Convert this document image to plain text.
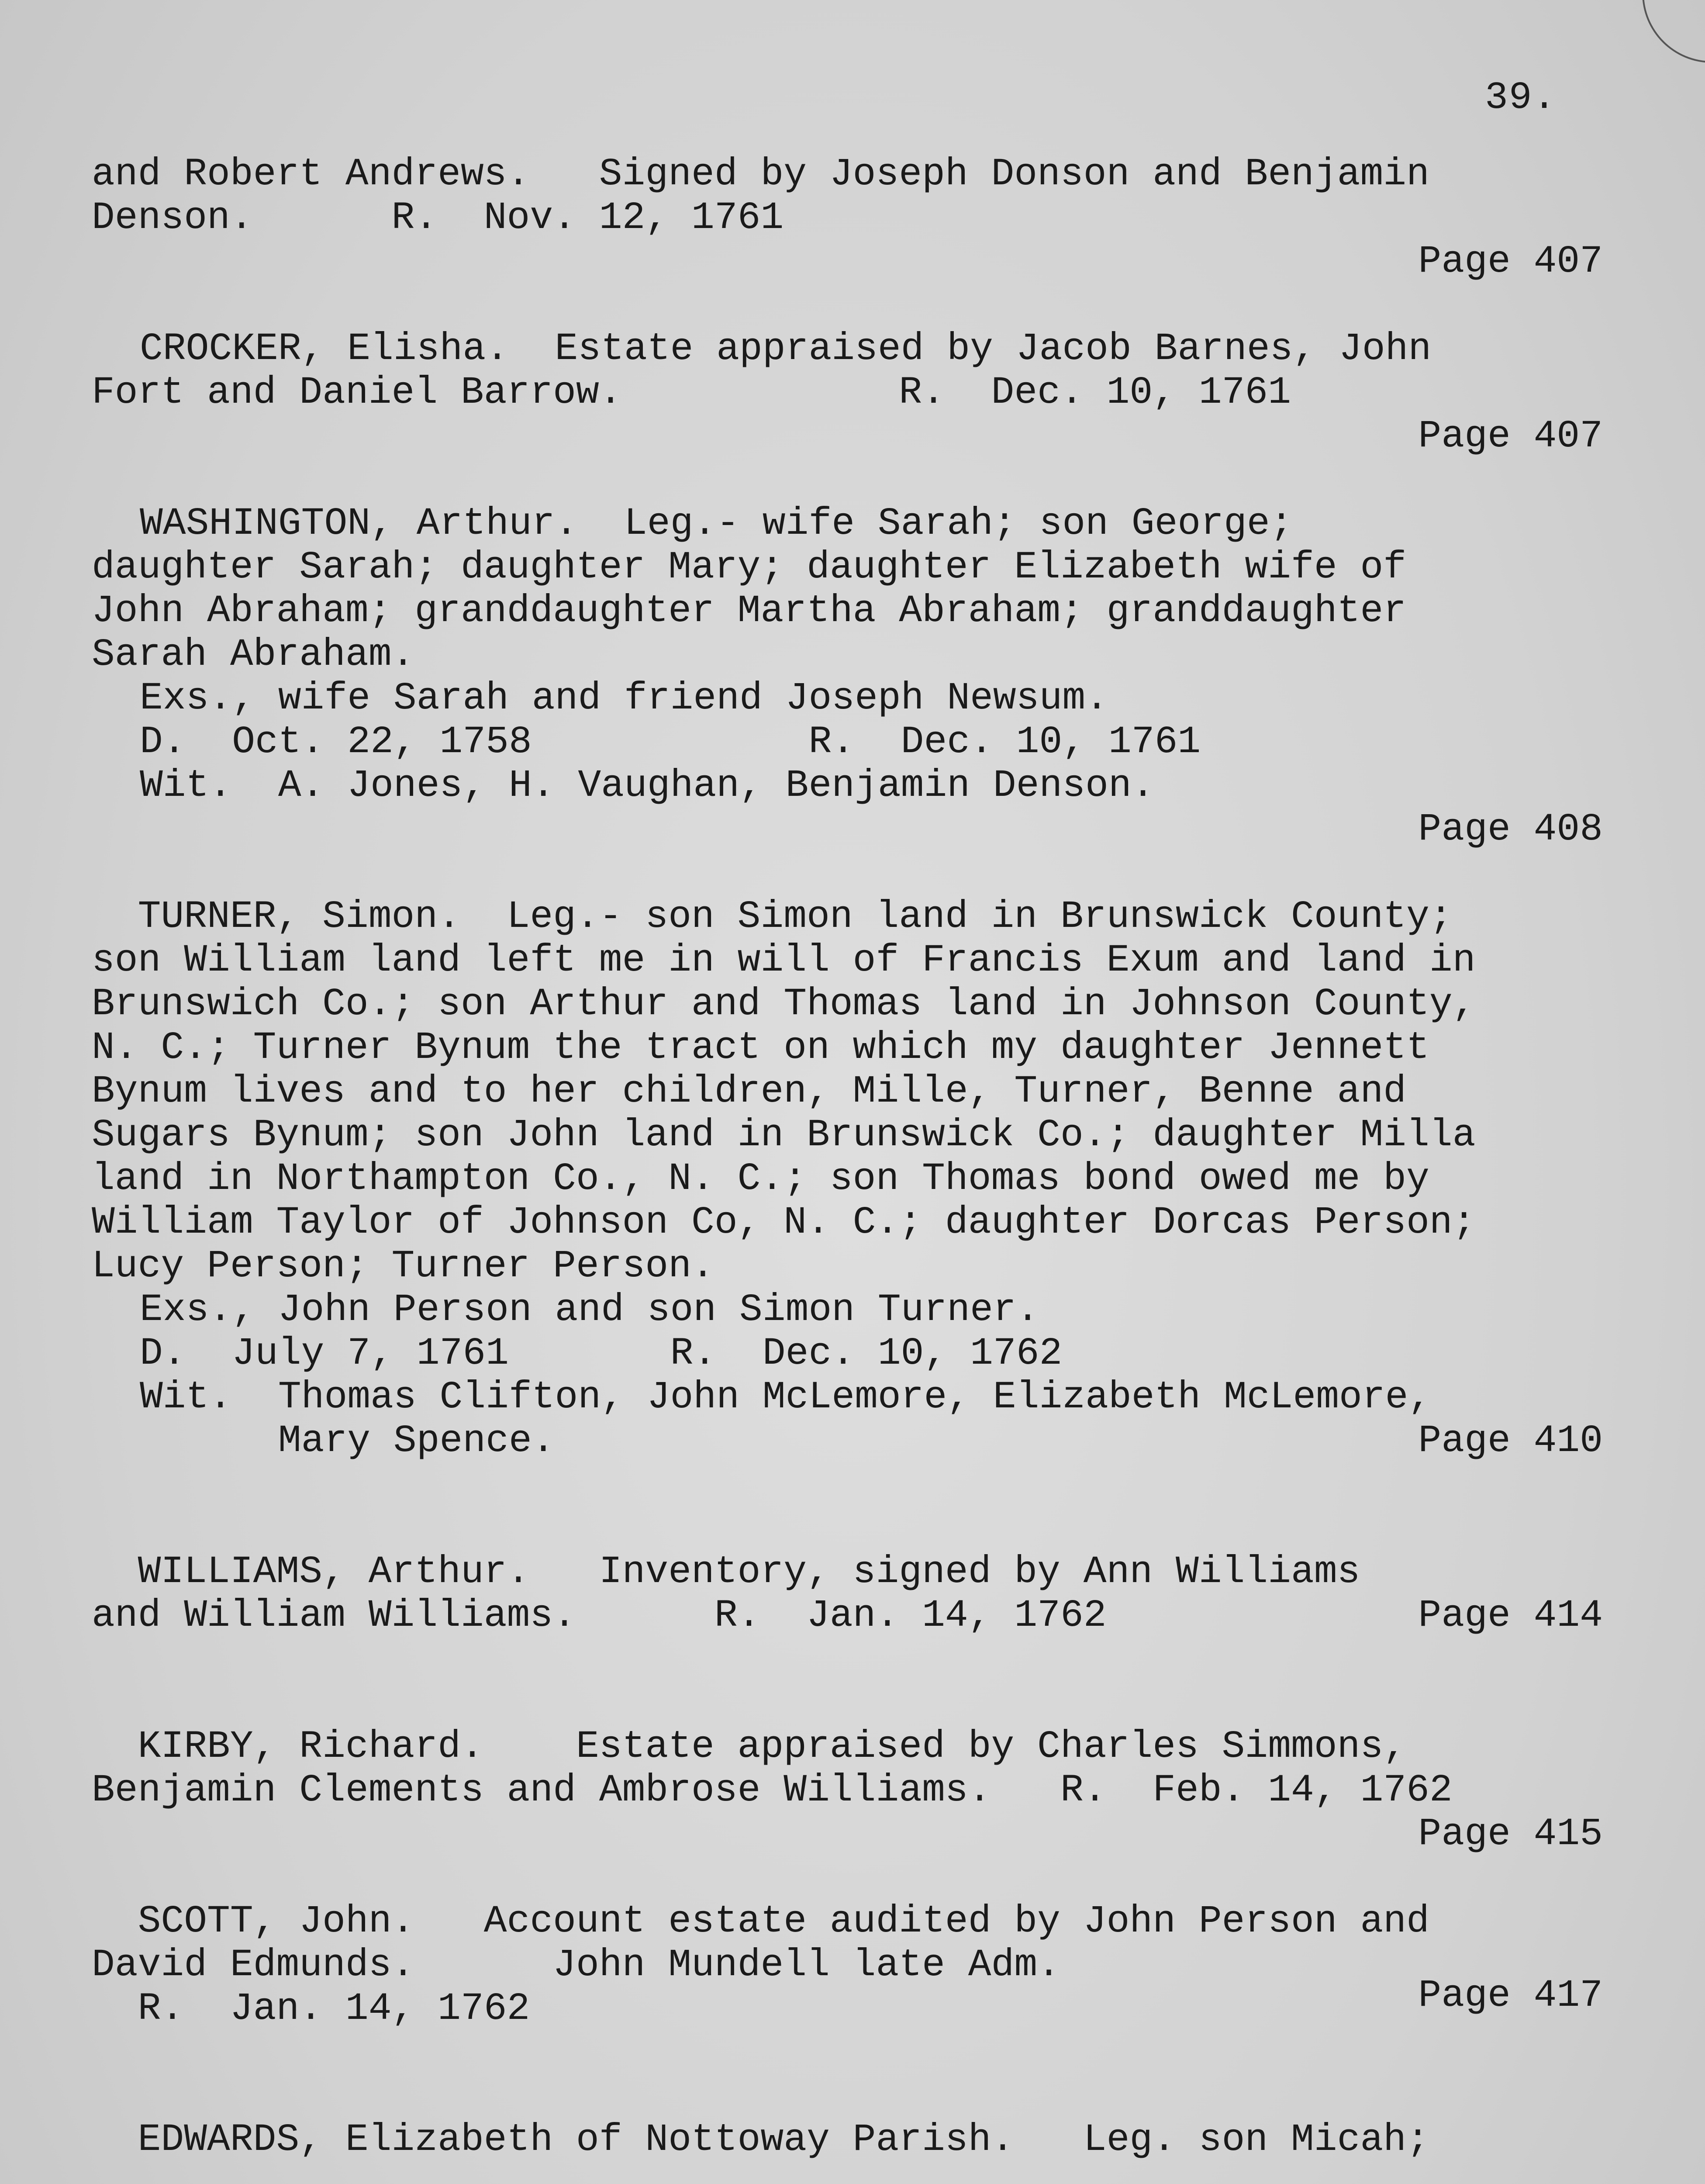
39.

and Robert Andrews.   Signed by Joseph Donson and Benjamin

Denson.      R.  Nov. 12, 1761

Page 407

CROCKER, Elisha.  Estate appraised by Jacob Barnes, John

Fort and Daniel Barrow.            R.  Dec. 10, 1761

Page 407

WASHINGTON, Arthur.  Leg.- wife Sarah; son George;

daughter Sarah; daughter Mary; daughter Elizabeth wife of

John Abraham; granddaughter Martha Abraham; granddaughter

Sarah Abraham.

Exs., wife Sarah and friend Joseph Newsum.

D.  Oct. 22, 1758            R.  Dec. 10, 1761

Wit.  A. Jones, H. Vaughan, Benjamin Denson.

Page 408

TURNER, Simon.  Leg.- son Simon land in Brunswick County;

son William land left me in will of Francis Exum and land in

Brunswich Co.; son Arthur and Thomas land in Johnson County,

N. C.; Turner Bynum the tract on which my daughter Jennett

Bynum lives and to her children, Mille, Turner, Benne and

Sugars Bynum; son John land in Brunswick Co.; daughter Milla

land in Northampton Co., N. C.; son Thomas bond owed me by

William Taylor of Johnson Co, N. C.; daughter Dorcas Person;

Lucy Person; Turner Person.

Exs., John Person and son Simon Turner.

D.  July 7, 1761       R.  Dec. 10, 1762

Wit.  Thomas Clifton, John McLemore, Elizabeth McLemore,

Mary Spence.	Page 410

WILLIAMS, Arthur.   Inventory, signed by Ann Williams

and William Williams.      R.  Jan. 14, 1762	Page 414

KIRBY, Richard.    Estate appraised by Charles Simmons,

Benjamin Clements and Ambrose Williams.   R.  Feb. 14, 1762

Page 415

SCOTT, John.   Account estate audited by John Person and

David Edmunds.      John Mundell late Adm.

R.  Jan. 14, 1762	Page 417

EDWARDS, Elizabeth of Nottoway Parish.   Leg. son Micah;
